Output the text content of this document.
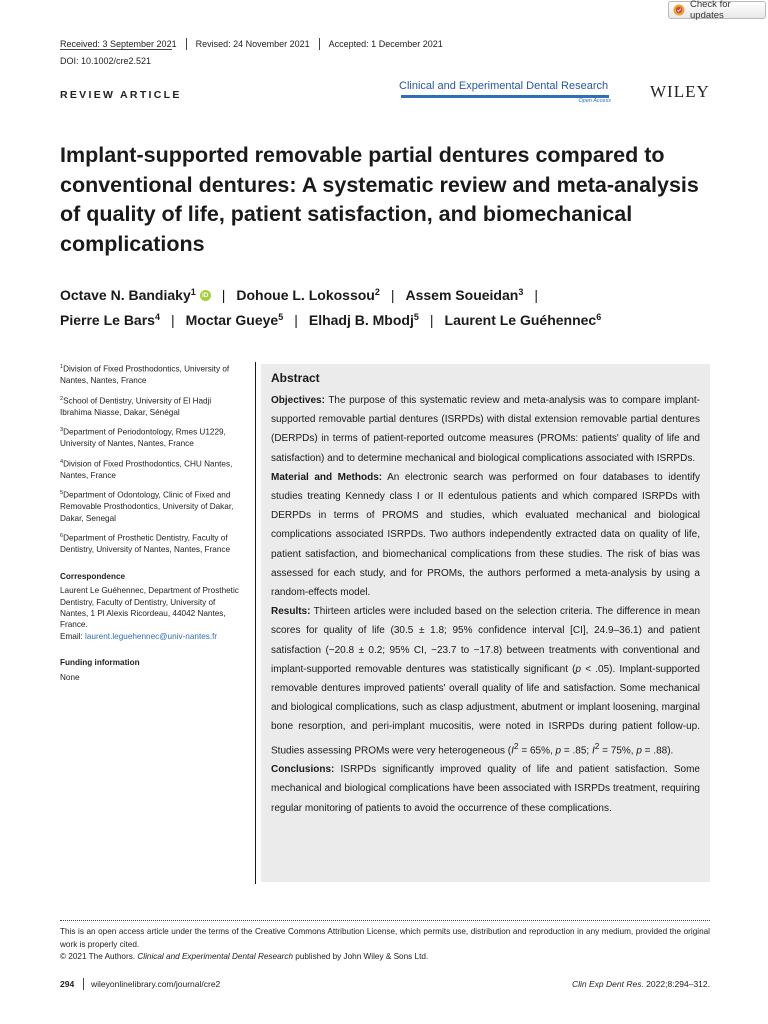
Check for updates
Received: 3 September 2021	Revised: 24 November 2021	Accepted: 1 December 2021
DOI: 10.1002/cre2.521
REVIEW ARTICLE
Clinical and Experimental Dental Research
Open Access WILEY
Implant-supported removable partial dentures compared to conventional dentures: A systematic review and meta-analysis of quality of life, patient satisfaction, and biomechanical complications
Octave N. Bandiaky$^1$ iD | Dohoue L. Lokossou$^2$ | Assem Soueidan$^3$ |
Pierre Le Bars$^4$ | Moctar Gueye$^5$ | Elhadj B. Mbodj$^5$ | Laurent Le Guéhennec$^6$
$^1$Division of Fixed Prosthodontics, University of Nantes, Nantes, France
$^2$School of Dentistry, University of El Hadji Ibrahima Niasse, Dakar, Sénégal
$^3$Department of Periodontology, Rmes U1229, University of Nantes, Nantes, France
$^4$Division of Fixed Prosthodontics, CHU Nantes, Nantes, France
$^5$Department of Odontology, Clinic of Fixed and Removable Prosthodontics, University of Dakar, Dakar, Senegal
$^6$Department of Prosthetic Dentistry, Faculty of Dentistry, University of Nantes, Nantes, France
Correspondence
Laurent Le Guéhennec, Department of Prosthetic Dentistry, Faculty of Dentistry, University of Nantes, 1 Pl Alexis Ricordeau, 44042 Nantes, France.
Email: laurent.leguehennec@univ-nantes.fr
Funding information
None
Abstract

Objectives: The purpose of this systematic review and meta-analysis was to compare implant-supported removable partial dentures (ISRPDs) with distal extension removable partial dentures (DERPDs) in terms of patient-reported outcome measures (PROMs: patients' quality of life and satisfaction) and to determine mechanical and biological complications associated with ISRPDs.

Material and Methods: An electronic search was performed on four databases to identify studies treating Kennedy class I or II edentulous patients and which compared ISRPDs with DERPDs in terms of PROMS and studies, which evaluated mechanical and biological complications associated ISRPDs. Two authors independently extracted data on quality of life, patient satisfaction, and biomechanical complications from these studies. The risk of bias was assessed for each study, and for PROMs, the authors performed a meta-analysis by using a random-effects model.

Results: Thirteen articles were included based on the selection criteria. The difference in mean scores for quality of life (30.5 ± 1.8; 95% confidence interval [CI], 24.9–36.1) and patient satisfaction (−20.8 ± 0.2; 95% CI, −23.7 to −17.8) between treatments with conventional and implant-supported removable dentures was statistically significant (p < .05). Implant-supported removable dentures improved patients' overall quality of life and satisfaction. Some mechanical and biological complications, such as clasp adjustment, abutment or implant loosening, marginal bone resorption, and peri-implant mucositis, were noted in ISRPDs during patient follow-up. Studies assessing PROMs were very heterogeneous ($I^2 = 65\%$, p = .85; $I^2 = 75\%$, p = .88).

Conclusions: ISRPDs significantly improved quality of life and patient satisfaction. Some mechanical and biological complications have been associated with ISRPDs treatment, requiring regular monitoring of patients to avoid the occurrence of these complications.

This is an open access article under the terms of the Creative Commons Attribution License, which permits use, distribution and reproduction in any medium, provided the original work is properly cited.
© 2021 The Authors. Clinical and Experimental Dental Research published by John Wiley & Sons Ltd.
294	wileyonlinelibrary.com/journal/cre2	Clin Exp Dent Res. 2022;8:294–312.
